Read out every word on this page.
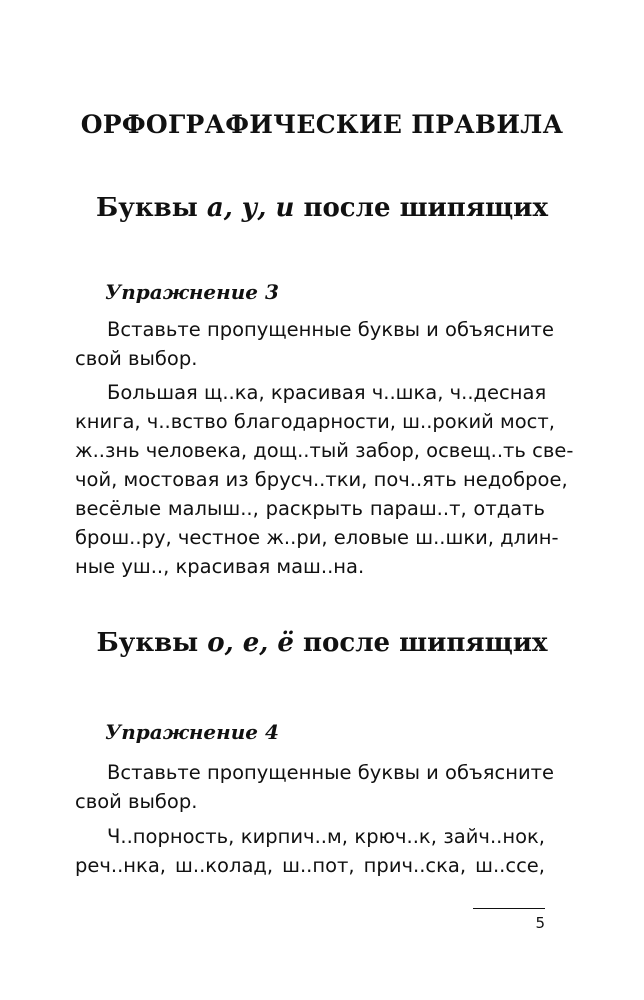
ОРФОГРАФИЧЕСКИЕ ПРАВИЛА
Буквы а, у, и после шипящих
Упражнение 3
Вставьте пропущенные буквы и объясните
свой выбор.
Большая щ..ка, красивая ч..шка, ч..десная
книга, ч..вство благодарности, ш..рокий мост,
ж..знь человека, дощ..тый забор, освещ..ть све-
чой, мостовая из брусч..тки, поч..ять недоброе,
весёлые малыш.., раскрыть параш..т, отдать
брош..ру, честное ж..ри, еловые ш..шки, длин-
ные уш.., красивая маш..на.
Буквы о, е, ё после шипящих
Упражнение 4
Вставьте пропущенные буквы и объясните
свой выбор.
Ч..порность, кирпич..м, крюч..к, зайч..нок,
реч..нка, ш..колад, ш..пот, прич..ска, ш..ссе,
5
